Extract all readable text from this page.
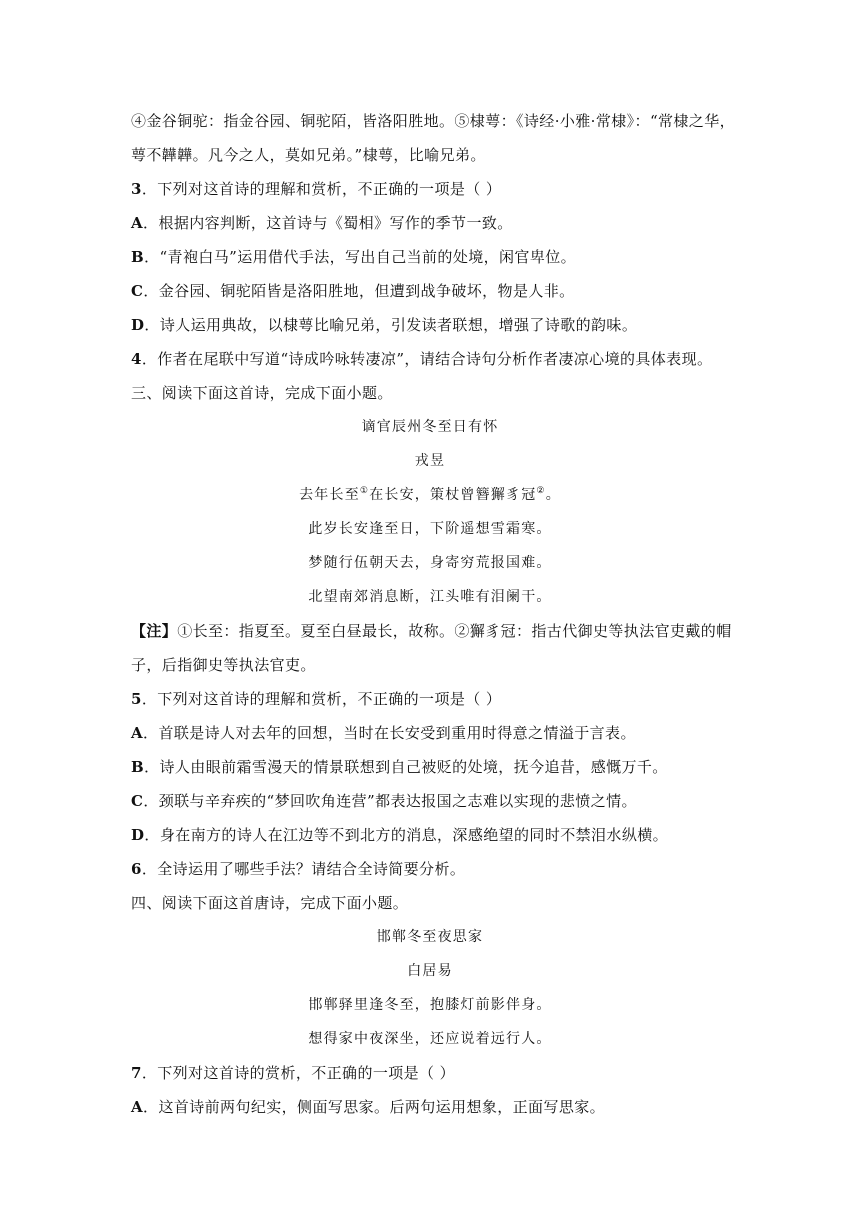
④金谷铜驼：指金谷园、铜驼陌，皆洛阳胜地。⑤棣萼：《诗经·小雅·常棣》：“常棣之华，
萼不韡韡。凡今之人，莫如兄弟。”棣萼，比喻兄弟。
3．下列对这首诗的理解和赏析，不正确的一项是（ ）
A．根据内容判断，这首诗与《蜀相》写作的季节一致。
B．“青袍白马”运用借代手法，写出自己当前的处境，闲官卑位。
C．金谷园、铜驼陌皆是洛阳胜地，但遭到战争破坏，物是人非。
D．诗人运用典故，以棣萼比喻兄弟，引发读者联想，增强了诗歌的韵味。
4．作者在尾联中写道“诗成吟咏转凄凉”，请结合诗句分析作者凄凉心境的具体表现。
三、阅读下面这首诗，完成下面小题。
谪官辰州冬至日有怀
戎昱
去年长至①在长安，策杖曾簪獬豸冠②。
此岁长安逢至日，下阶遥想雪霜寒。
梦随行伍朝天去，身寄穷荒报国难。
北望南郊消息断，江头唯有泪阑干。
【注】①长至：指夏至。夏至白昼最长，故称。②獬豸冠：指古代御史等执法官吏戴的帽
子，后指御史等执法官吏。
5．下列对这首诗的理解和赏析，不正确的一项是（ ）
A．首联是诗人对去年的回想，当时在长安受到重用时得意之情溢于言表。
B．诗人由眼前霜雪漫天的情景联想到自己被贬的处境，抚今追昔，感慨万千。
C．颈联与辛弃疾的“梦回吹角连营”都表达报国之志难以实现的悲愤之情。
D．身在南方的诗人在江边等不到北方的消息，深感绝望的同时不禁泪水纵横。
6．全诗运用了哪些手法？请结合全诗简要分析。
四、阅读下面这首唐诗，完成下面小题。
邯郸冬至夜思家
白居易
邯郸驿里逢冬至，抱膝灯前影伴身。
想得家中夜深坐，还应说着远行人。
7．下列对这首诗的赏析，不正确的一项是（ ）
A．这首诗前两句纪实，侧面写思家。后两句运用想象，正面写思家。
